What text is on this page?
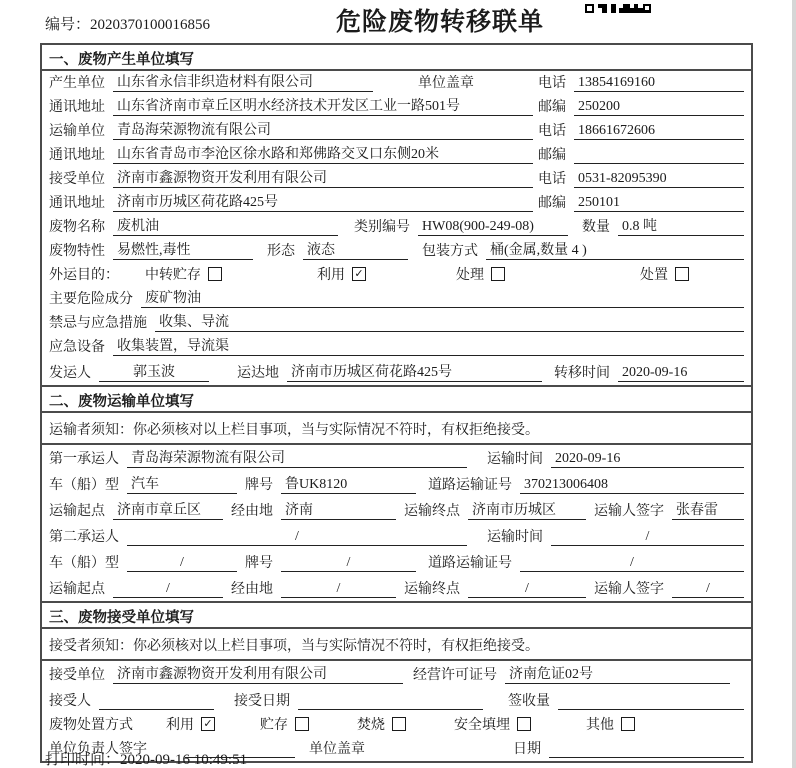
编号：2020370100016856	危险废物转移联单
一、废物产生单位填写
产生单位 山东省永信非织造材料有限公司	单位盖章	电话 13854169160
通讯地址 山东省济南市章丘区明水经济技术开发区工业一路501号	邮编 250200
运输单位 青岛海荣源物流有限公司	电话 18661672606
通讯地址 山东省青岛市李沧区徐水路和郑佛路交叉口东侧20米	邮编
接受单位 济南市鑫源物资开发利用有限公司	电话 0531-82095390
通讯地址 济南市历城区荷花路425号	邮编 250101
废物名称 废机油	类别编号 HW08(900-249-08)	数量 0.8 吨
废物特性 易燃性,毒性	形态 液态	包装方式 桶(金属,数量 4 )
外运目的： 中转贮存	利用 ✓	处理	处置
主要危险成分 废矿物油
禁忌与应急措施 收集、导流
应急设备 收集装置，导流渠
发运人	郭玉波	运达地 济南市历城区荷花路425号	转移时间 2020-09-16
二、废物运输单位填写
运输者须知：你必须核对以上栏目事项，当与实际情况不符时，有权拒绝接受。
第一承运人 青岛海荣源物流有限公司	运输时间 2020-09-16
车（船）型 汽车	牌号 鲁UK8120	道路运输证号 370213006408
运输起点 济南市章丘区	经由地 济南	运输终点 济南市历城区	运输人签字 张春雷
第二承运人	/	运输时间	/
车（船）型	/	牌号	/	道路运输证号	/
运输起点	/	经由地	/	运输终点	/	运输人签字	/
三、废物接受单位填写
接受者须知：你必须核对以上栏目事项，当与实际情况不符时，有权拒绝接受。
接受单位 济南市鑫源物资开发利用有限公司	经营许可证号 济南危证02号
接受人	接受日期	签收量
废物处置方式 利用 ✓	贮存	焚烧	安全填埋	其他
单位负责人签字	单位盖章	日期
打印时间：2020-09-16 10:49:51
